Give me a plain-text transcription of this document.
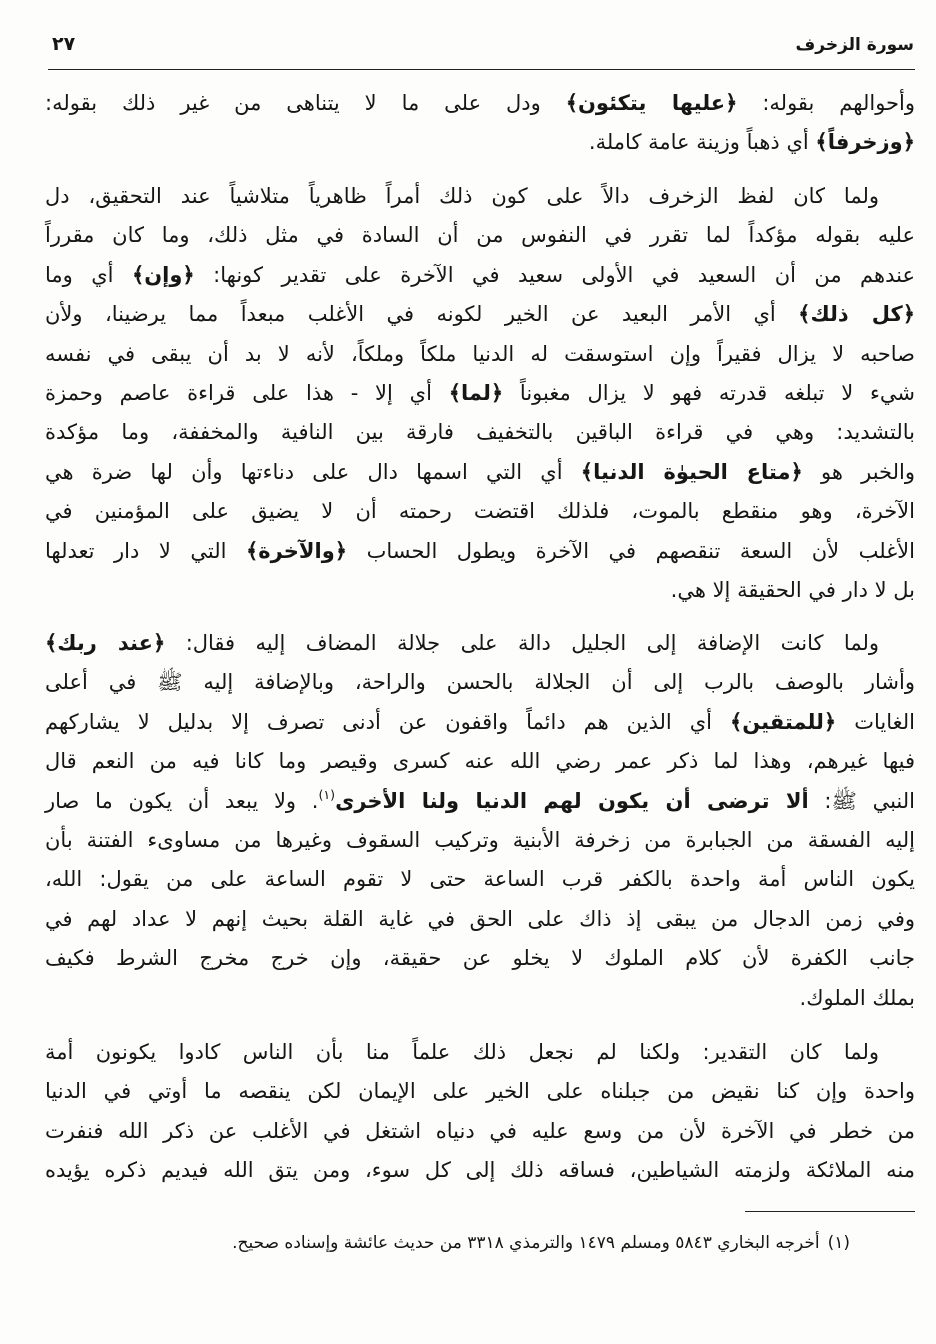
سورة الزخرف
٢٧
وأحوالهم بقوله: ﴿عليها يتكئون﴾ ودل على ما لا يتناهى من غير ذلك بقوله:
﴿وزخرفاً﴾ أي ذهباً وزينة عامة كاملة.
ولما كان لفظ الزخرف دالاً على كون ذلك أمراً ظاهرياً متلاشياً عند التحقيق، دل
عليه بقوله مؤكداً لما تقرر في النفوس من أن السادة في مثل ذلك، وما كان مقرراً
عندهم من أن السعيد في الأولى سعيد في الآخرة على تقدير كونها: ﴿وإن﴾ أي وما
﴿كل ذلك﴾ أي الأمر البعيد عن الخير لكونه في الأغلب مبعداً مما يرضينا، ولأن
صاحبه لا يزال فقيراً وإن استوسقت له الدنيا ملكاً وملكاً، لأنه لا بد أن يبقى في نفسه
شيء لا تبلغه قدرته فهو لا يزال مغبوناً ﴿لما﴾ أي إلا - هذا على قراءة عاصم وحمزة
بالتشديد: وهي في قراءة الباقين بالتخفيف فارقة بين النافية والمخففة، وما مؤكدة
والخبر هو ﴿متاع الحيوٰة الدنيا﴾ أي التي اسمها دال على دناءتها وأن لها ضرة هي
الآخرة، وهو منقطع بالموت، فلذلك اقتضت رحمته أن لا يضيق على المؤمنين في
الأغلب لأن السعة تنقصهم في الآخرة ويطول الحساب ﴿والآخرة﴾ التي لا دار تعدلها
بل لا دار في الحقيقة إلا هي.
ولما كانت الإضافة إلى الجليل دالة على جلالة المضاف إليه فقال: ﴿عند ربك﴾
وأشار بالوصف بالرب إلى أن الجلالة بالحسن والراحة، وبالإضافة إليه ﷺ في أعلى
الغايات ﴿للمتقين﴾ أي الذين هم دائماً واقفون عن أدنى تصرف إلا بدليل لا يشاركهم
فيها غيرهم، وهذا لما ذكر عمر رضي الله عنه كسرى وقيصر وما كانا فيه من النعم قال
النبي ﷺ: ألا ترضى أن يكون لهم الدنيا ولنا الأخرى$^{(١)}$. ولا يبعد أن يكون ما صار
إليه الفسقة من الجبابرة من زخرفة الأبنية وتركيب السقوف وغيرها من مساوىء الفتنة بأن
يكون الناس أمة واحدة بالكفر قرب الساعة حتى لا تقوم الساعة على من يقول: الله،
وفي زمن الدجال من يبقى إذ ذاك على الحق في غاية القلة بحيث إنهم لا عداد لهم في
جانب الكفرة لأن كلام الملوك لا يخلو عن حقيقة، وإن خرج مخرج الشرط فكيف
بملك الملوك.
ولما كان التقدير: ولكنا لم نجعل ذلك علماً منا بأن الناس كادوا يكونون أمة
واحدة وإن كنا نقيض من جبلناه على الخير على الإيمان لكن ينقصه ما أوتي في الدنيا
من خطر في الآخرة لأن من وسع عليه في دنياه اشتغل في الأغلب عن ذكر الله فنفرت
منه الملائكة ولزمته الشياطين، فساقه ذلك إلى كل سوء، ومن يتق الله فيديم ذكره يؤيده
(١)أخرجه البخاري ٥٨٤٣ ومسلم ١٤٧٩ والترمذي ٣٣١٨ من حديث عائشة وإسناده صحيح.
